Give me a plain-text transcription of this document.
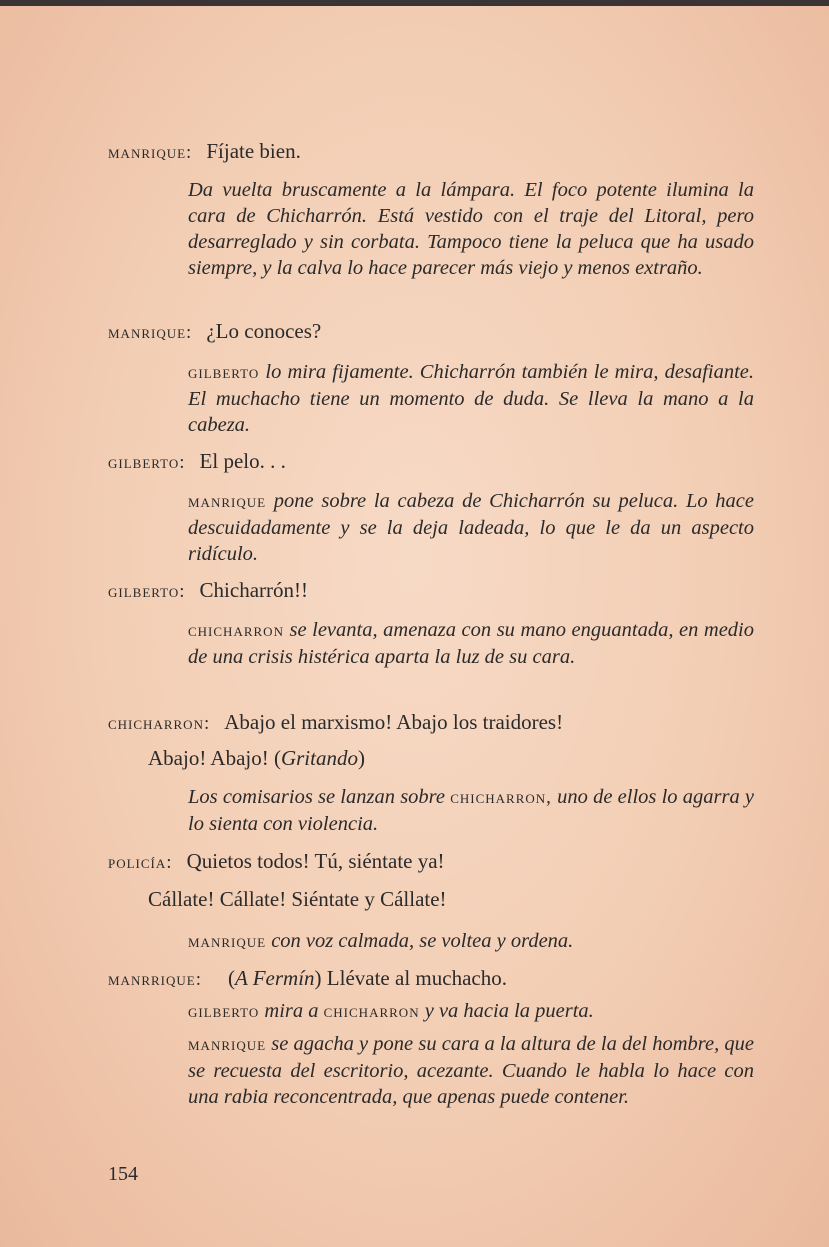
manrique: Fíjate bien.
Da vuelta bruscamente a la lámpara. El foco potente ilumina la cara de Chicharrón. Está vestido con el traje del Litoral, pero desarreglado y sin corbata. Tampoco tiene la peluca que ha usado siempre, y la calva lo hace parecer más viejo y menos extraño.
manrique: ¿Lo conoces?
gilberto lo mira fijamente. Chicharrón también le mira, desafiante. El muchacho tiene un momento de duda. Se lleva la mano a la cabeza.
gilberto: El pelo. . .
manrique pone sobre la cabeza de Chicharrón su peluca. Lo hace descuidadamente y se la deja ladeada, lo que le da un aspecto ridículo.
gilberto: Chicharrón!!
chicharron se levanta, amenaza con su mano enguantada, en medio de una crisis histérica aparta la luz de su cara.
chicharron: Abajo el marxismo! Abajo los traidores!
Abajo! Abajo! (Gritando)
Los comisarios se lanzan sobre chicharron, uno de ellos lo agarra y lo sienta con violencia.
policía: Quietos todos! Tú, siéntate ya!
Cállate! Cállate! Siéntate y Cállate!
manrique con voz calmada, se voltea y ordena.
manrrique: (A Fermín) Llévate al muchacho.
gilberto mira a chicharron y va hacia la puerta.
manrique se agacha y pone su cara a la altura de la del hombre, que se recuesta del escritorio, acezante. Cuando le habla lo hace con una rabia reconcentrada, que apenas puede contener.
154
